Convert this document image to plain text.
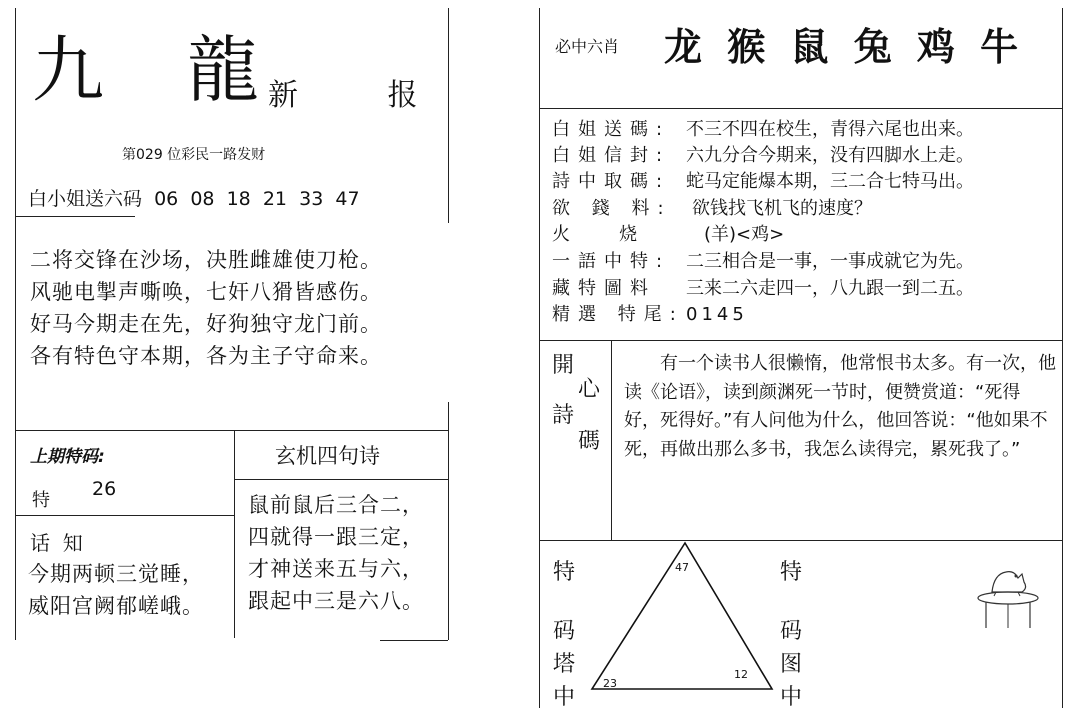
九 龍
新 报
第029 位彩民一路发财
白小姐送六码  06  08  18  21  33  47
二将交锋在沙场，决胜雌雄使刀枪。
风驰电掣声嘶唤，七奸八猾皆感伤。
好马今期走在先，好狗独守龙门前。
各有特色守本期，各为主子守命来。
上期特码:
特
26
玄机四句诗
鼠前鼠后三合二，
四就得一跟三定，
才神送来五与六，
跟起中三是六八。
话  知
今期两顿三觉睡，
威阳宫阙郁嵯峨。
必中六肖 龙 猴 鼠 兔 鸡 牛
白姐送碼: 不三不四在校生，青得六尾也出来。
白姐信封: 六九分合今期来，没有四脚水上走。
詩中取碼: 蛇马定能爆本期，三二合七特马出。
欲 錢 料: 欲钱找飞机飞的速度？
火   烧	(羊)<鸡>
一語中特: 二三相合是一事，一事成就它为先。
藏特圖料 三来二六走四一，八九跟一到二五。
精選 特尾: 0145
開
心
詩
碼
有一个读书人很懒惰，他常恨书太多。有一次，他读《论语》，读到颜渊死一节时，便赞赏道：“死得好，死得好。”有人问他为什么，他回答说：“他如果不死，再做出那么多书，我怎么读得完，累死我了。”
特
码
塔
中
特
码
图
中
47
23
12
